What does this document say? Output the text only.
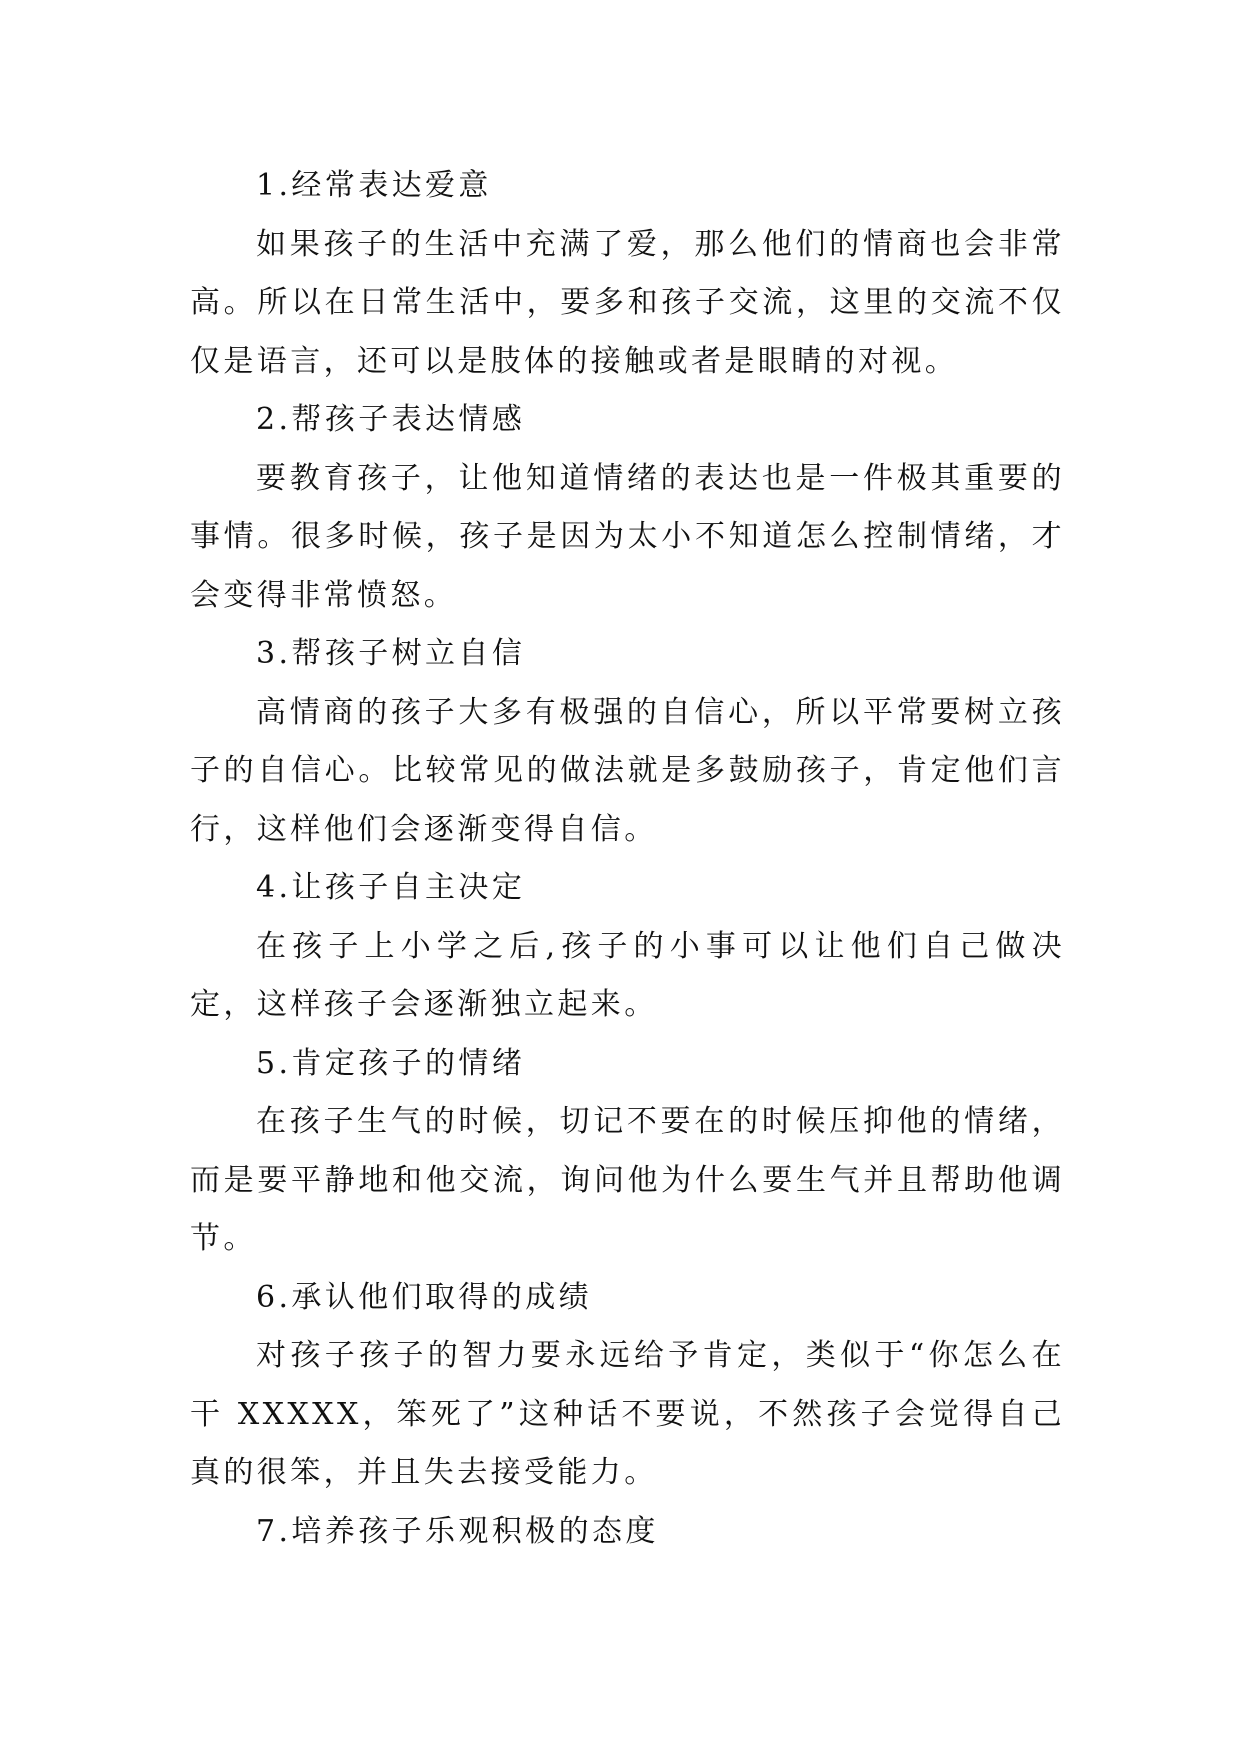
1.经常表达爱意

如果孩子的生活中充满了爱，那么他们的情商也会非常高。所以在日常生活中，要多和孩子交流，这里的交流不仅仅是语言，还可以是肢体的接触或者是眼睛的对视。

2.帮孩子表达情感

要教育孩子，让他知道情绪的表达也是一件极其重要的事情。很多时候，孩子是因为太小不知道怎么控制情绪，才会变得非常愤怒。

3.帮孩子树立自信

高情商的孩子大多有极强的自信心，所以平常要树立孩子的自信心。比较常见的做法就是多鼓励孩子，肯定他们言行，这样他们会逐渐变得自信。

4.让孩子自主决定

在孩子上小学之后,孩子的小事可以让他们自己做决定，这样孩子会逐渐独立起来。

5.肯定孩子的情绪

在孩子生气的时候，切记不要在的时候压抑他的情绪，而是要平静地和他交流，询问他为什么要生气并且帮助他调节。

6.承认他们取得的成绩

对孩子孩子的智力要永远给予肯定，类似于“你怎么在干 XXXXX，笨死了”这种话不要说，不然孩子会觉得自己真的很笨，并且失去接受能力。

7.培养孩子乐观积极的态度
